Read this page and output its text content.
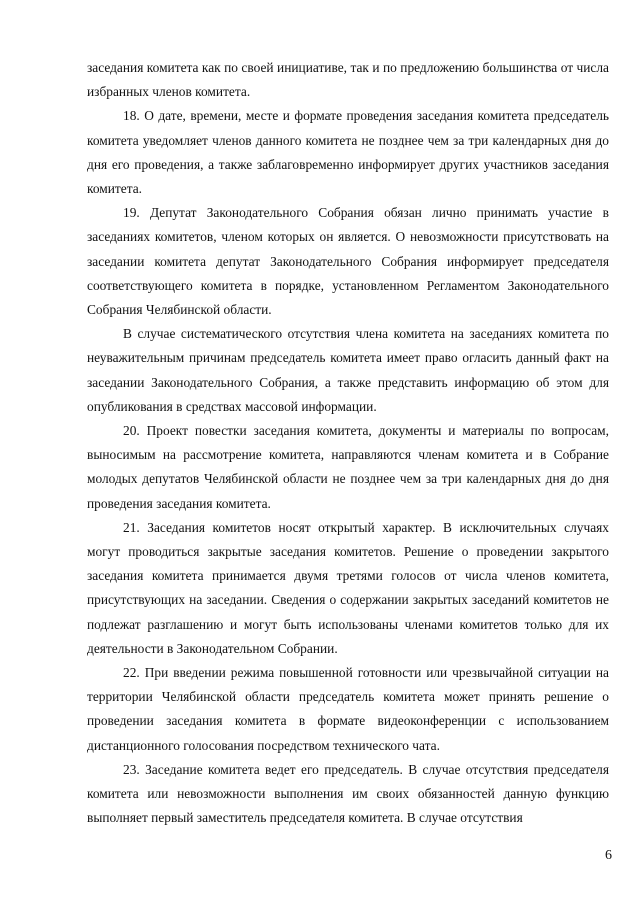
заседания комитета как по своей инициативе, так и по предложению большинства от числа избранных членов комитета.

18. О дате, времени, месте и формате проведения заседания комитета председатель комитета уведомляет членов данного комитета не позднее чем за три календарных дня до дня его проведения, а также заблаговременно информирует других участников заседания комитета.

19. Депутат Законодательного Собрания обязан лично принимать участие в заседаниях комитетов, членом которых он является. О невозможности присутствовать на заседании комитета депутат Законодательного Собрания информирует председателя соответствующего комитета в порядке, установленном Регламентом Законодательного Собрания Челябинской области.

В случае систематического отсутствия члена комитета на заседаниях комитета по неуважительным причинам председатель комитета имеет право огласить данный факт на заседании Законодательного Собрания, а также представить информацию об этом для опубликования в средствах массовой информации.

20. Проект повестки заседания комитета, документы и материалы по вопросам, выносимым на рассмотрение комитета, направляются членам комитета и в Собрание молодых депутатов Челябинской области не позднее чем за три календарных дня до дня проведения заседания комитета.

21. Заседания комитетов носят открытый характер. В исключительных случаях могут проводиться закрытые заседания комитетов. Решение о проведении закрытого заседания комитета принимается двумя третями голосов от числа членов комитета, присутствующих на заседании. Сведения о содержании закрытых заседаний комитетов не подлежат разглашению и могут быть использованы членами комитетов только для их деятельности в Законодательном Собрании.

22. При введении режима повышенной готовности или чрезвычайной ситуации на территории Челябинской области председатель комитета может принять решение о проведении заседания комитета в формате видеоконференции с использованием дистанционного голосования посредством технического чата.

23. Заседание комитета ведет его председатель. В случае отсутствия председателя комитета или невозможности выполнения им своих обязанностей данную функцию выполняет первый заместитель председателя комитета. В случае отсутствия

6
